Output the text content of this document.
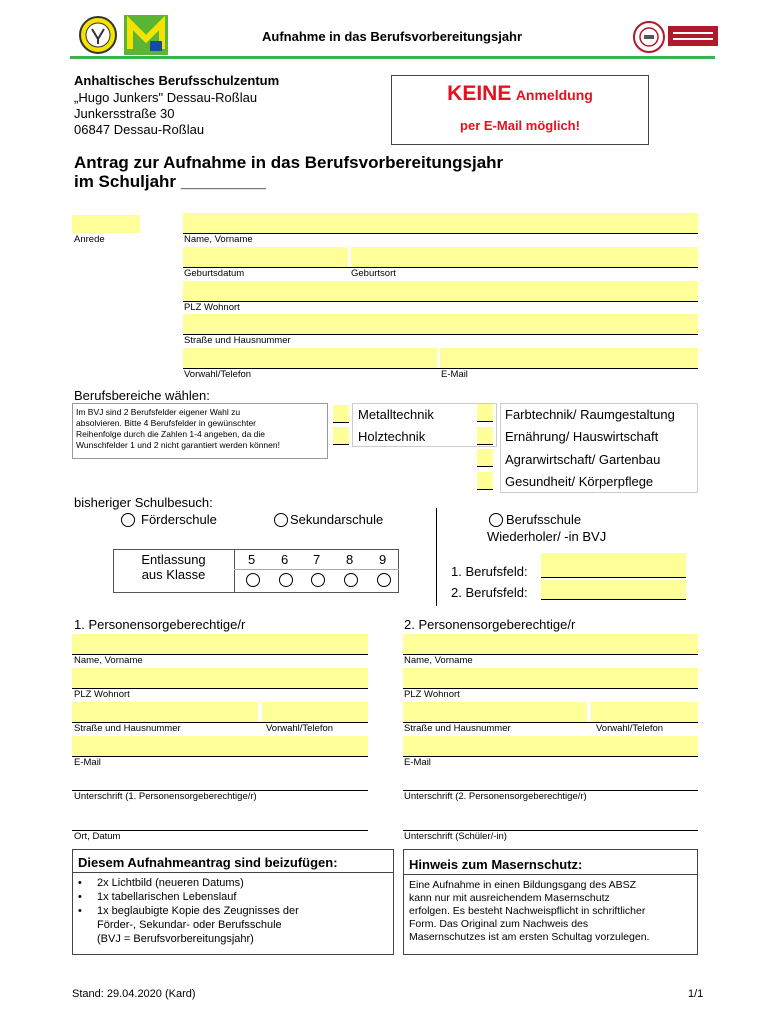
Aufnahme in das Berufsvorbereitungsjahr
Anhaltisches Berufsschulzentum
„Hugo Junkers" Dessau-Roßlau
Junkersstraße 30
06847 Dessau-Roßlau
KEINE Anmeldung
per E-Mail möglich!
Antrag zur Aufnahme in das Berufsvorbereitungsjahr
im Schuljahr _________
Anrede	Name, Vorname
Geburtsdatum	Geburtsort
PLZ Wohnort
Straße und Hausnummer
Vorwahl/Telefon	E-Mail
Berufsbereiche wählen:
Im BVJ sind 2 Berufsfelder eigener Wahl zu
absolvieren. Bitte 4 Berufsfelder in gewünschter
Reihenfolge durch die Zahlen 1-4 angeben, da die
Wunschfelder 1 und 2 nicht garantiert werden können!
Metalltechnik
Holztechnik
Farbtechnik/ Raumgestaltung
Ernährung/ Hauswirtschaft
Agrarwirtschaft/ Gartenbau
Gesundheit/ Körperpflege
bisheriger Schulbesuch:
Förderschule	Sekundarschule	Berufsschule
Wiederholer/ -in BVJ
Entlassung
aus Klasse
5 6 7 8 9
1. Berufsfeld:
2. Berufsfeld:
1. Personensorgeberechtige/r	2. Personensorgeberechtige/r
Name, Vorname
PLZ Wohnort
Straße und Hausnummer	Vorwahl/Telefon
E-Mail
Unterschrift (1. Personensorgeberechtige/r)
Name, Vorname
PLZ Wohnort
Straße und Hausnummer	Vorwahl/Telefon
E-Mail
Unterschrift (2. Personensorgeberechtige/r)
Ort, Datum	Unterschrift (Schüler/-in)
Diesem Aufnahmeantrag sind beizufügen:
• 2x Lichtbild (neueren Datums)
• 1x tabellarischen Lebenslauf
• 1x beglaubigte Kopie des Zeugnisses der
Förder-, Sekundar- oder Berufsschule
(BVJ = Berufsvorbereitungsjahr)
Hinweis zum Masernschutz:
Eine Aufnahme in einen Bildungsgang des ABSZ
kann nur mit ausreichendem Masernschutz
erfolgen. Es besteht Nachweispflicht in schriftlicher
Form. Das Original zum Nachweis des
Masernschutzes ist am ersten Schultag vorzulegen.
Stand: 29.04.2020 (Kard)	1/1
